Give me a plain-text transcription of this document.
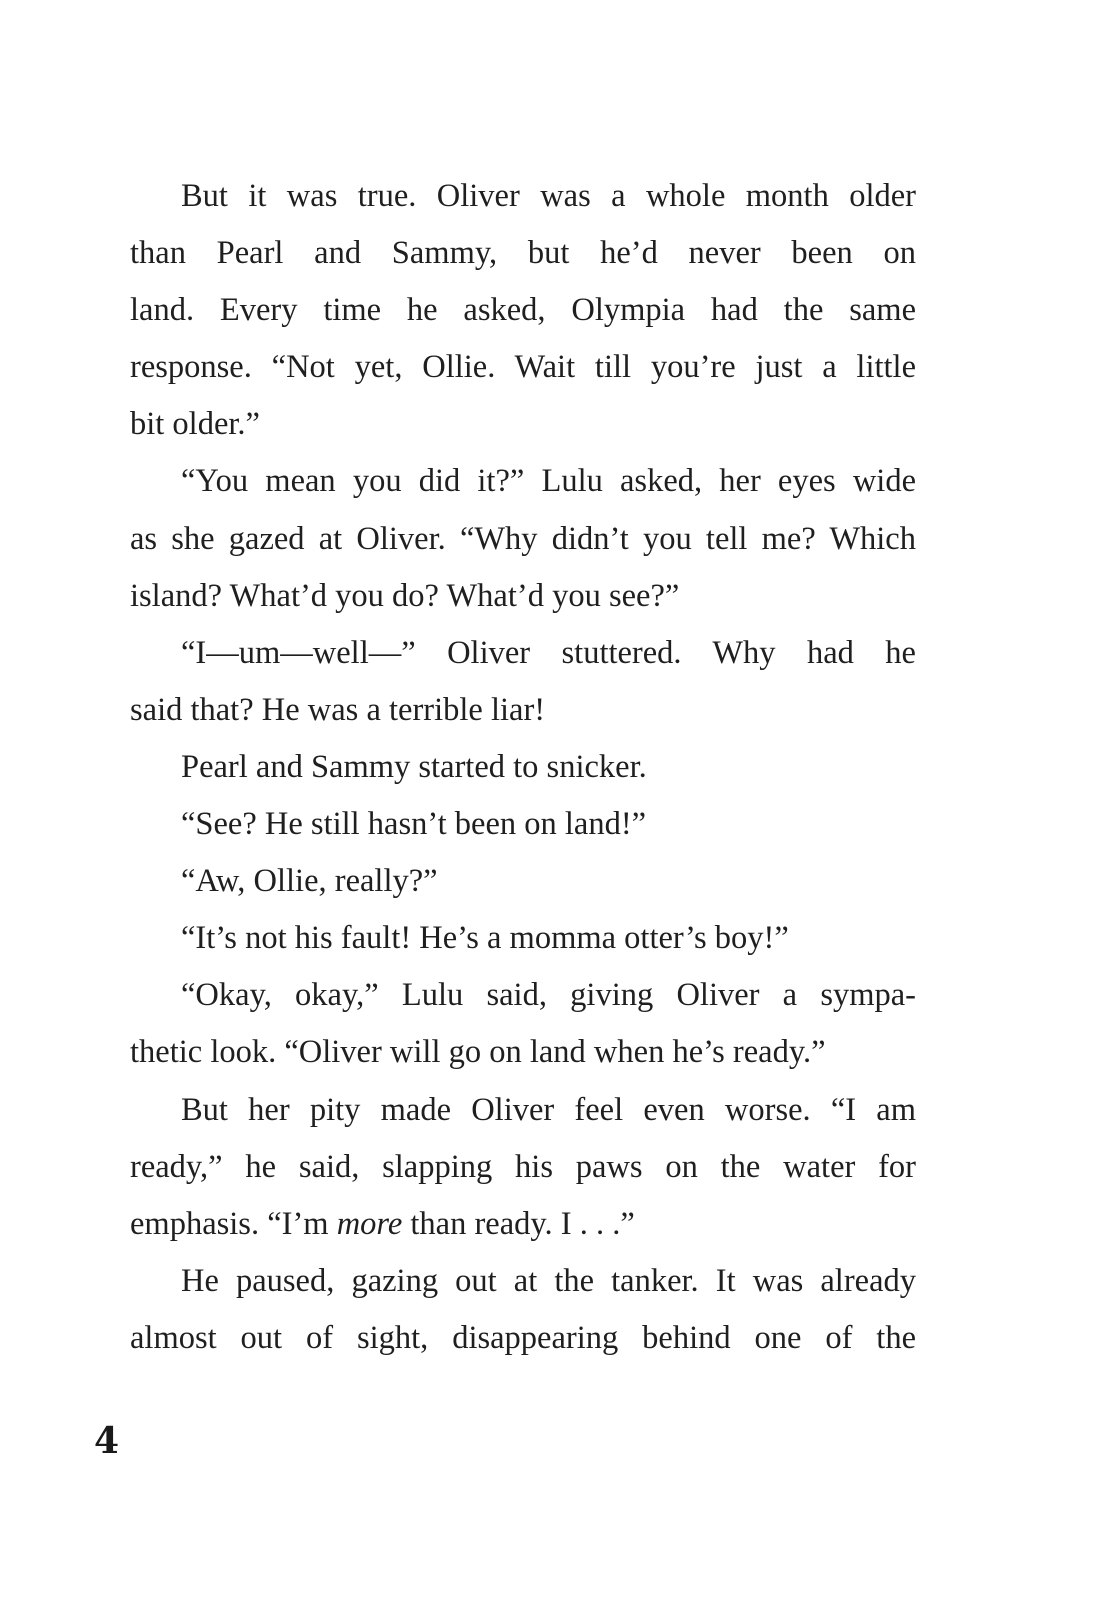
But it was true. Oliver was a whole month older
than Pearl and Sammy, but he’d never been on
land. Every time he asked, Olympia had the same
response. “Not yet, Ollie. Wait till you’re just a little
bit older.”
“You mean you did it?” Lulu asked, her eyes wide
as she gazed at Oliver. “Why didn’t you tell me? Which
island? What’d you do? What’d you see?”
“I—um—well—” Oliver stuttered. Why had he
said that? He was a terrible liar!
Pearl and Sammy started to snicker.
“See? He still hasn’t been on land!”
“Aw, Ollie, really?”
“It’s not his fault! He’s a momma otter’s boy!”
“Okay, okay,” Lulu said, giving Oliver a sympa-
thetic look. “Oliver will go on land when he’s ready.”
But her pity made Oliver feel even worse. “I am
ready,” he said, slapping his paws on the water for
emphasis. “I’m more than ready. I . . .”
He paused, gazing out at the tanker. It was already
almost out of sight, disappearing behind one of the
4
